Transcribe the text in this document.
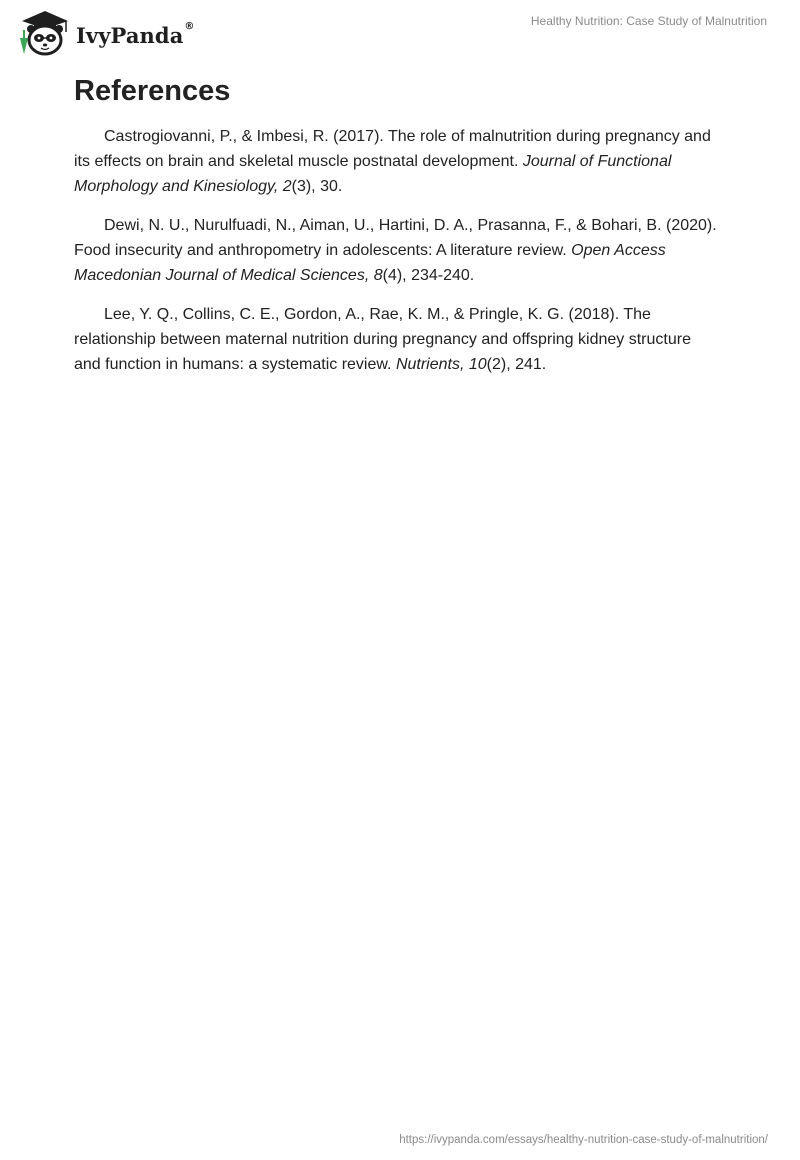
IvyPanda®	Healthy Nutrition: Case Study of Malnutrition
References

Castrogiovanni, P., & Imbesi, R. (2017). The role of malnutrition during pregnancy and its effects on brain and skeletal muscle postnatal development. Journal of Functional Morphology and Kinesiology, 2(3), 30.

Dewi, N. U., Nurulfuadi, N., Aiman, U., Hartini, D. A., Prasanna, F., & Bohari, B. (2020). Food insecurity and anthropometry in adolescents: A literature review. Open Access Macedonian Journal of Medical Sciences, 8(4), 234-240.

Lee, Y. Q., Collins, C. E., Gordon, A., Rae, K. M., & Pringle, K. G. (2018). The relationship between maternal nutrition during pregnancy and offspring kidney structure and function in humans: a systematic review. Nutrients, 10(2), 241.

https://ivypanda.com/essays/healthy-nutrition-case-study-of-malnutrition/
